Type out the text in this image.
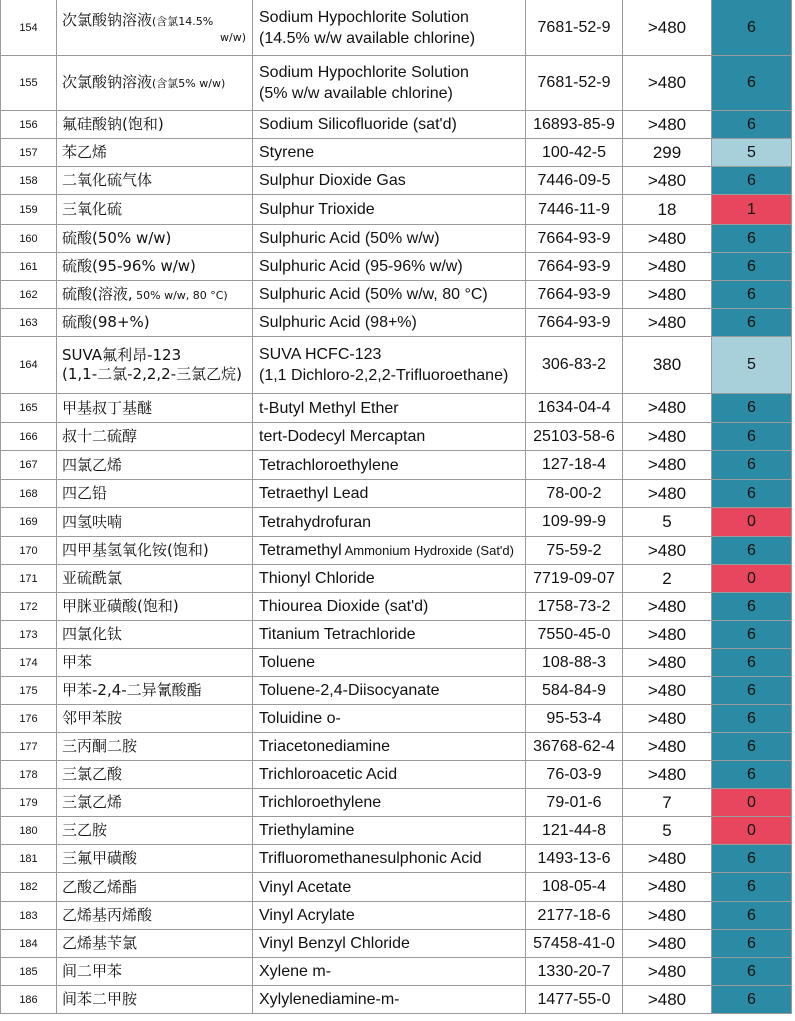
154	次氯酸钠溶液(含氯14.5%
w/w)	Sodium Hypochlorite Solution
(14.5% w/w available chlorine)	7681-52-9	>480	6
155	次氯酸钠溶液(含氯5% w/w)	Sodium Hypochlorite Solution
(5% w/w available chlorine)	7681-52-9	>480	6
156	氟硅酸钠(饱和)	Sodium Silicofluoride (sat'd)	16893-85-9	>480	6
157	苯乙烯	Styrene	100-42-5	299	5
158	二氧化硫气体	Sulphur Dioxide Gas	7446-09-5	>480	6
159	三氧化硫	Sulphur Trioxide	7446-11-9	18	1
160	硫酸(50% w/w)	Sulphuric Acid (50% w/w)	7664-93-9	>480	6
161	硫酸(95-96% w/w)	Sulphuric Acid (95-96% w/w)	7664-93-9	>480	6
162	硫酸(溶液, 50% w/w, 80 °C)	Sulphuric Acid (50% w/w, 80 °C)	7664-93-9	>480	6
163	硫酸(98+%)	Sulphuric Acid (98+%)	7664-93-9	>480	6
164	SUVA氟利昂-123
(1,1-二氯-2,2,2-三氯乙烷)	SUVA HCFC-123
(1,1 Dichloro-2,2,2-Trifluoroethane)	306-83-2	380	5
165	甲基叔丁基醚	t-Butyl Methyl Ether	1634-04-4	>480	6
166	叔十二硫醇	tert-Dodecyl Mercaptan	25103-58-6	>480	6
167	四氯乙烯	Tetrachloroethylene	127-18-4	>480	6
168	四乙铅	Tetraethyl Lead	78-00-2	>480	6
169	四氢呋喃	Tetrahydrofuran	109-99-9	5	0
170	四甲基氢氧化铵(饱和)	Tetramethyl Ammonium Hydroxide (Sat'd)	75-59-2	>480	6
171	亚硫酰氯	Thionyl Chloride	7719-09-07	2	0
172	甲脒亚磺酸(饱和)	Thiourea Dioxide (sat'd)	1758-73-2	>480	6
173	四氯化钛	Titanium Tetrachloride	7550-45-0	>480	6
174	甲苯	Toluene	108-88-3	>480	6
175	甲苯-2,4-二异氰酸酯	Toluene-2,4-Diisocyanate	584-84-9	>480	6
176	邻甲苯胺	Toluidine o-	95-53-4	>480	6
177	三丙酮二胺	Triacetonediamine	36768-62-4	>480	6
178	三氯乙酸	Trichloroacetic Acid	76-03-9	>480	6
179	三氯乙烯	Trichloroethylene	79-01-6	7	0
180	三乙胺	Triethylamine	121-44-8	5	0
181	三氟甲磺酸	Trifluoromethanesulphonic Acid	1493-13-6	>480	6
182	乙酸乙烯酯	Vinyl Acetate	108-05-4	>480	6
183	乙烯基丙烯酸	Vinyl Acrylate	2177-18-6	>480	6
184	乙烯基苄氯	Vinyl Benzyl Chloride	57458-41-0	>480	6
185	间二甲苯	Xylene m-	1330-20-7	>480	6
186	间苯二甲胺	Xylylenediamine-m-	1477-55-0	>480	6
